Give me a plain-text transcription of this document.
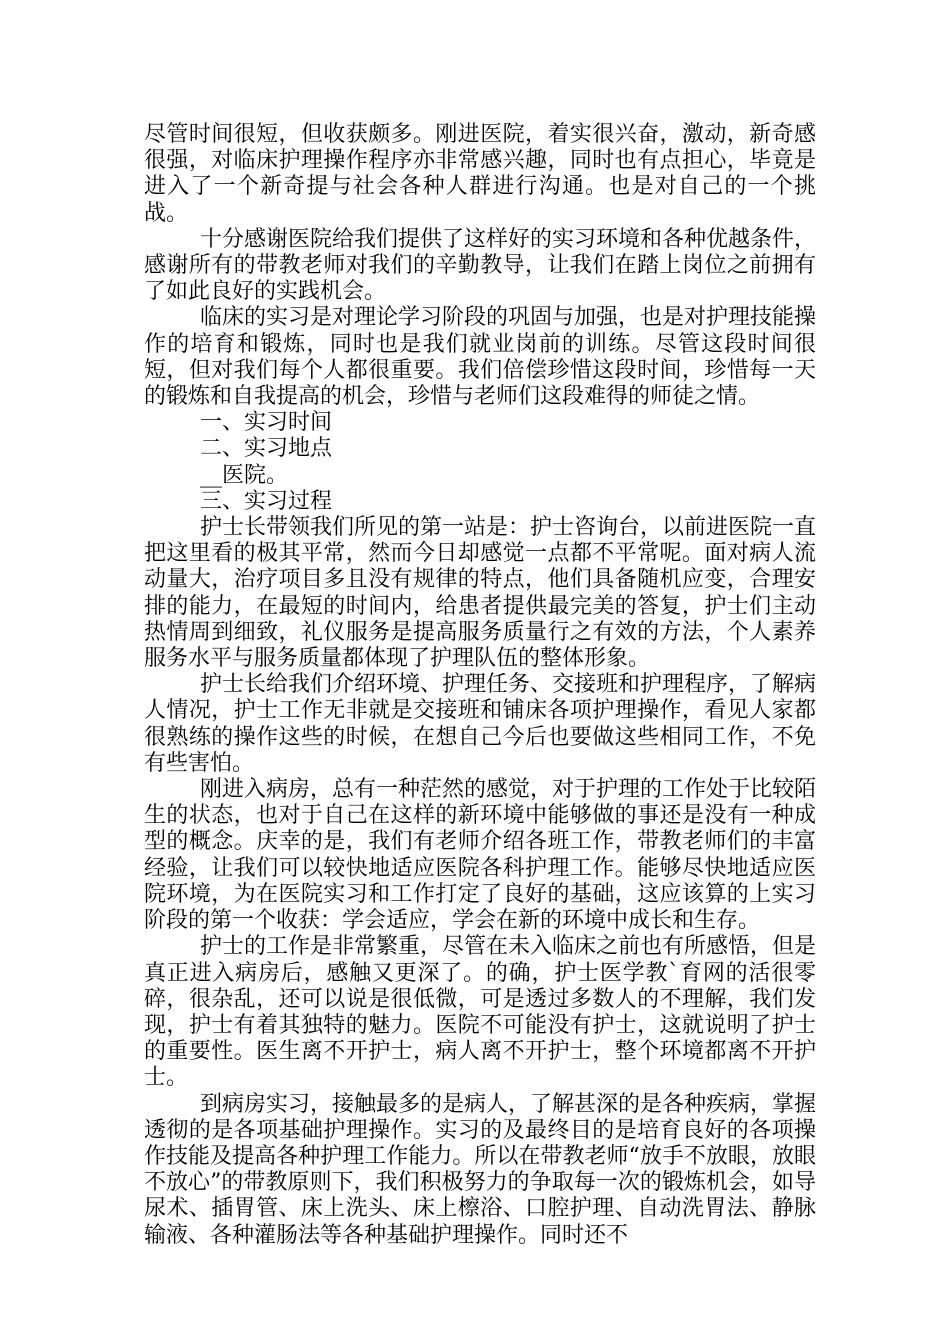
尽管时间很短，但收获颇多。刚进医院，着实很兴奋，激动，新奇感很强，对临床护理操作程序亦非常感兴趣，同时也有点担心，毕竟是进入了一个新奇提与社会各种人群进行沟通。也是对自己的一个挑战。

十分感谢医院给我们提供了这样好的实习环境和各种优越条件，感谢所有的带教老师对我们的辛勤教导，让我们在踏上岗位之前拥有了如此良好的实践机会。

临床的实习是对理论学习阶段的巩固与加强，也是对护理技能操作的培育和锻炼，同时也是我们就业岗前的训练。尽管这段时间很短，但对我们每个人都很重要。我们倍偿珍惜这段时间，珍惜每一天的锻炼和自我提高的机会，珍惜与老师们这段难得的师徒之情。

一、实习时间

二、实习地点

__医院。

三、实习过程

护士长带领我们所见的第一站是：护士咨询台，以前进医院一直把这里看的极其平常，然而今日却感觉一点都不平常呢。面对病人流动量大，治疗项目多且没有规律的特点，他们具备随机应变，合理安排的能力，在最短的时间内，给患者提供最完美的答复，护士们主动热情周到细致，礼仪服务是提高服务质量行之有效的方法，个人素养服务水平与服务质量都体现了护理队伍的整体形象。

护士长给我们介绍环境、护理任务、交接班和护理程序，了解病人情况，护士工作无非就是交接班和铺床各项护理操作，看见人家都很熟练的操作这些的时候，在想自己今后也要做这些相同工作，不免有些害怕。

刚进入病房，总有一种茫然的感觉，对于护理的工作处于比较陌生的状态，也对于自己在这样的新环境中能够做的事还是没有一种成型的概念。庆幸的是，我们有老师介绍各班工作，带教老师们的丰富经验，让我们可以较快地适应医院各科护理工作。能够尽快地适应医院环境，为在医院实习和工作打定了良好的基础，这应该算的上实习阶段的第一个收获：学会适应，学会在新的环境中成长和生存。

护士的工作是非常繁重，尽管在未入临床之前也有所感悟，但是真正进入病房后，感触又更深了。的确，护士医学教`育网的活很零碎，很杂乱，还可以说是很低微，可是透过多数人的不理解，我们发现，护士有着其独特的魅力。医院不可能没有护士，这就说明了护士的重要性。医生离不开护士，病人离不开护士，整个环境都离不开护士。

到病房实习，接触最多的是病人，了解甚深的是各种疾病，掌握透彻的是各项基础护理操作。实习的及最终目的是培育良好的各项操作技能及提高各种护理工作能力。所以在带教老师“放手不放眼，放眼不放心”的带教原则下，我们积极努力的争取每一次的锻炼机会，如导尿术、插胃管、床上洗头、床上檫浴、口腔护理、自动洗胃法、静脉输液、各种灌肠法等各种基础护理操作。同时还不
